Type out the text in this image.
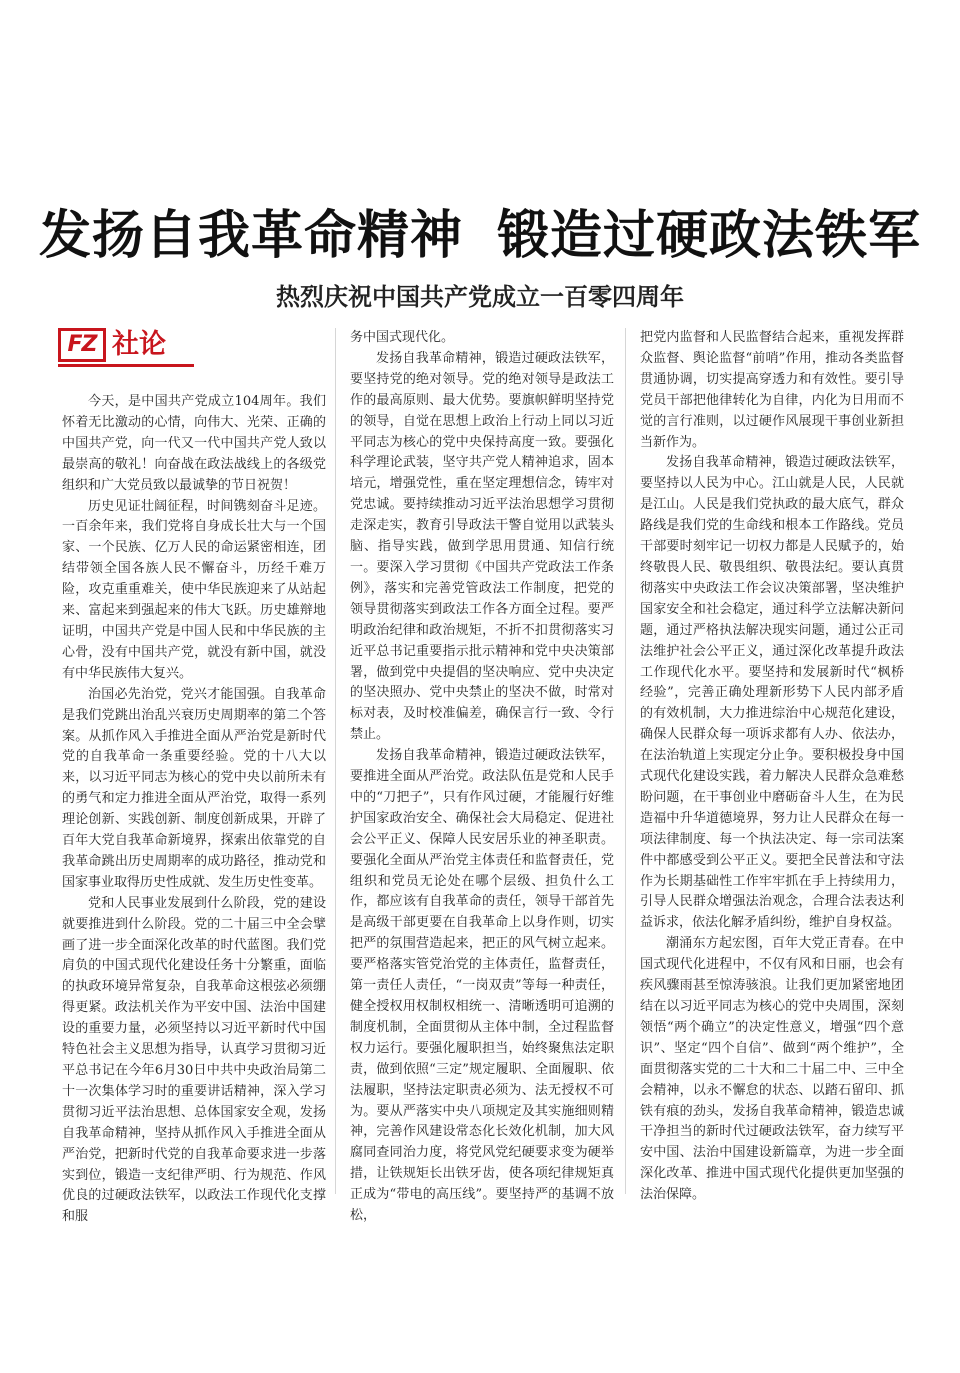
发扬自我革命精神 锻造过硬政法铁军
热烈庆祝中国共产党成立一百零四周年
FZ 社论

今天，是中国共产党成立104周年。我们怀着无比激动的心情，向伟大、光荣、正确的中国共产党，向一代又一代中国共产党人致以最崇高的敬礼！向奋战在政法战线上的各级党组织和广大党员致以最诚挚的节日祝贺！

历史见证壮阔征程，时间镌刻奋斗足迹。一百余年来，我们党将自身成长壮大与一个国家、一个民族、亿万人民的命运紧密相连，团结带领全国各族人民不懈奋斗，历经千难万险，攻克重重难关，使中华民族迎来了从站起来、富起来到强起来的伟大飞跃。历史雄辩地证明，中国共产党是中国人民和中华民族的主心骨，没有中国共产党，就没有新中国，就没有中华民族伟大复兴。

治国必先治党，党兴才能国强。自我革命是我们党跳出治乱兴衰历史周期率的第二个答案。从抓作风入手推进全面从严治党是新时代党的自我革命一条重要经验。党的十八大以来，以习近平同志为核心的党中央以前所未有的勇气和定力推进全面从严治党，取得一系列理论创新、实践创新、制度创新成果，开辟了百年大党自我革命新境界，探索出依靠党的自我革命跳出历史周期率的成功路径，推动党和国家事业取得历史性成就、发生历史性变革。

党和人民事业发展到什么阶段，党的建设就要推进到什么阶段。党的二十届三中全会擘画了进一步全面深化改革的时代蓝图。我们党肩负的中国式现代化建设任务十分繁重，面临的执政环境异常复杂，自我革命这根弦必须绷得更紧。政法机关作为平安中国、法治中国建设的重要力量，必须坚持以习近平新时代中国特色社会主义思想为指导，认真学习贯彻习近平总书记在今年6月30日中共中央政治局第二十一次集体学习时的重要讲话精神，深入学习贯彻习近平法治思想、总体国家安全观，发扬自我革命精神，坚持从抓作风入手推进全面从严治党，把新时代党的自我革命要求进一步落实到位，锻造一支纪律严明、行为规范、作风优良的过硬政法铁军，以政法工作现代化支撑和服

务中国式现代化。

发扬自我革命精神，锻造过硬政法铁军，要坚持党的绝对领导。党的绝对领导是政法工作的最高原则、最大优势。要旗帜鲜明坚持党的领导，自觉在思想上政治上行动上同以习近平同志为核心的党中央保持高度一致。要强化科学理论武装，坚守共产党人精神追求，固本培元，增强党性，重在坚定理想信念，铸牢对党忠诚。要持续推动习近平法治思想学习贯彻走深走实，教育引导政法干警自觉用以武装头脑、指导实践，做到学思用贯通、知信行统一。要深入学习贯彻《中国共产党政法工作条例》，落实和完善党管政法工作制度，把党的领导贯彻落实到政法工作各方面全过程。要严明政治纪律和政治规矩，不折不扣贯彻落实习近平总书记重要指示批示精神和党中央决策部署，做到党中央提倡的坚决响应、党中央决定的坚决照办、党中央禁止的坚决不做，时常对标对表，及时校准偏差，确保言行一致、令行禁止。

发扬自我革命精神，锻造过硬政法铁军，要推进全面从严治党。政法队伍是党和人民手中的“刀把子”，只有作风过硬，才能履行好维护国家政治安全、确保社会大局稳定、促进社会公平正义、保障人民安居乐业的神圣职责。要强化全面从严治党主体责任和监督责任，党组织和党员无论处在哪个层级、担负什么工作，都应该有自我革命的责任，领导干部首先是高级干部更要在自我革命上以身作则，切实把严的氛围营造起来，把正的风气树立起来。要严格落实管党治党的主体责任，监督责任，第一责任人责任，“一岗双责”等每一种责任，健全授权用权制权相统一、清晰透明可追溯的制度机制，全面贯彻从主体中制，全过程监督权力运行。要强化履职担当，始终聚焦法定职责，做到依照“三定”规定履职、全面履职、依法履职，坚持法定职责必须为、法无授权不可为。要从严落实中央八项规定及其实施细则精神，完善作风建设常态化长效化机制，加大风腐同查同治力度，将党风党纪硬要求变为硬举措，让铁规矩长出铁牙齿，使各项纪律规矩真正成为“带电的高压线”。要坚持严的基调不放松，

把党内监督和人民监督结合起来，重视发挥群众监督、舆论监督“前哨”作用，推动各类监督贯通协调，切实提高穿透力和有效性。要引导党员干部把他律转化为自律，内化为日用而不觉的言行准则，以过硬作风展现干事创业新担当新作为。

发扬自我革命精神，锻造过硬政法铁军，要坚持以人民为中心。江山就是人民，人民就是江山。人民是我们党执政的最大底气，群众路线是我们党的生命线和根本工作路线。党员干部要时刻牢记一切权力都是人民赋予的，始终敬畏人民、敬畏组织、敬畏法纪。要认真贯彻落实中央政法工作会议决策部署，坚决维护国家安全和社会稳定，通过科学立法解决新问题，通过严格执法解决现实问题，通过公正司法维护社会公平正义，通过深化改革提升政法工作现代化水平。要坚持和发展新时代“枫桥经验”，完善正确处理新形势下人民内部矛盾的有效机制，大力推进综治中心规范化建设，确保人民群众每一项诉求都有人办、依法办，在法治轨道上实现定分止争。要积极投身中国式现代化建设实践，着力解决人民群众急难愁盼问题，在干事创业中磨砺奋斗人生，在为民造福中升华道德境界，努力让人民群众在每一项法律制度、每一个执法决定、每一宗司法案件中都感受到公平正义。要把全民普法和守法作为长期基础性工作牢牢抓在手上持续用力，引导人民群众增强法治观念，合理合法表达利益诉求，依法化解矛盾纠纷，维护自身权益。

潮涌东方起宏图，百年大党正青春。在中国式现代化进程中，不仅有风和日丽，也会有疾风骤雨甚至惊涛骇浪。让我们更加紧密地团结在以习近平同志为核心的党中央周围，深刻领悟“两个确立”的决定性意义，增强“四个意识”、坚定“四个自信”、做到“两个维护”，全面贯彻落实党的二十大和二十届二中、三中全会精神，以永不懈怠的状态、以踏石留印、抓铁有痕的劲头，发扬自我革命精神，锻造忠诚干净担当的新时代过硬政法铁军，奋力续写平安中国、法治中国建设新篇章，为进一步全面深化改革、推进中国式现代化提供更加坚强的法治保障。
